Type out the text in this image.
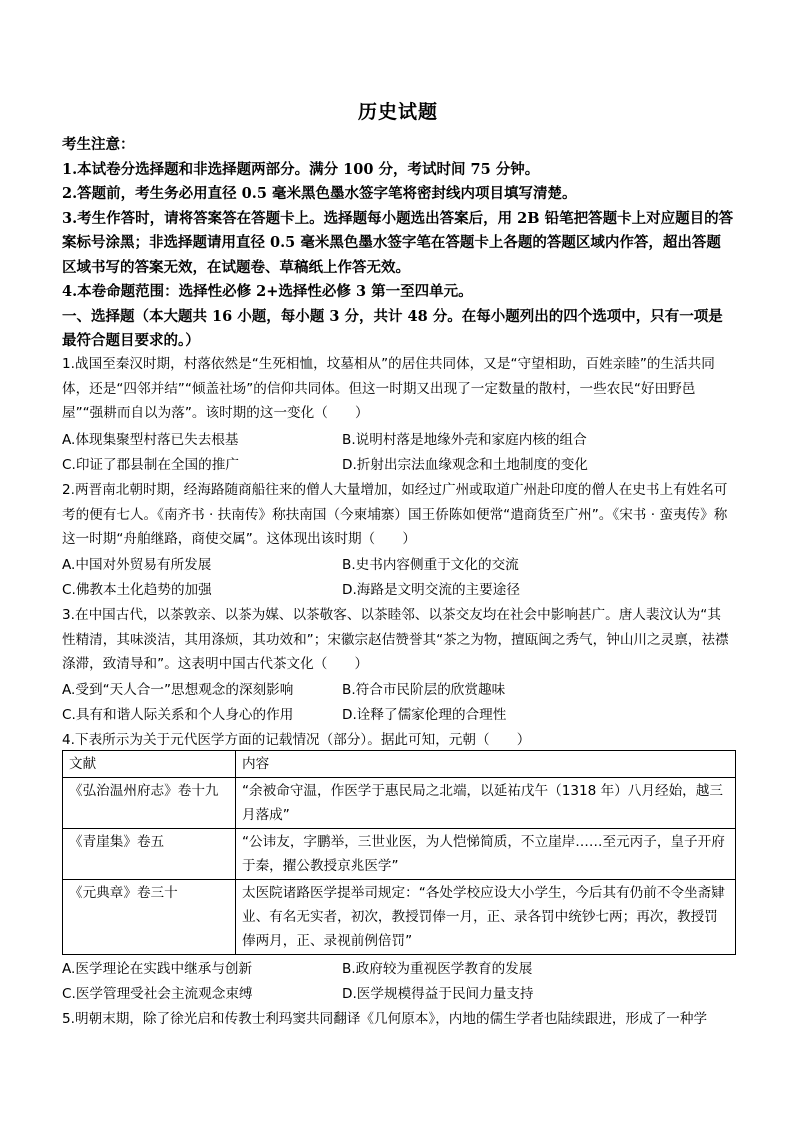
历史试题
考生注意：
1.本试卷分选择题和非选择题两部分。满分 100 分，考试时间 75 分钟。
2.答题前，考生务必用直径 0.5 毫米黑色墨水签字笔将密封线内项目填写清楚。
3.考生作答时，请将答案答在答题卡上。选择题每小题选出答案后，用 2B 铅笔把答题卡上对应题目的答案标号涂黑；非选择题请用直径 0.5 毫米黑色墨水签字笔在答题卡上各题的答题区域内作答，超出答题区域书写的答案无效，在试题卷、草稿纸上作答无效。
4.本卷命题范围：选择性必修 2+选择性必修 3 第一至四单元。
一、选择题（本大题共 16 小题，每小题 3 分，共计 48 分。在每小题列出的四个选项中，只有一项是最符合题目要求的。）
1.战国至秦汉时期，村落依然是“生死相恤，坟墓相从”的居住共同体，又是“守望相助，百姓亲睦”的生活共同体，还是“四邻并结”“倾盖社场”的信仰共同体。但这一时期又出现了一定数量的散村，一些农民“好田野邑屋”“强耕而自以为落”。该时期的这一变化（　　）
A.体现集聚型村落已失去根基	B.说明村落是地缘外壳和家庭内核的组合
C.印证了郡县制在全国的推广	D.折射出宗法血缘观念和土地制度的变化
2.两晋南北朝时期，经海路随商船往来的僧人大量增加，如经过广州或取道广州赴印度的僧人在史书上有姓名可考的便有七人。《南齐书 · 扶南传》称扶南国（今柬埔寨）国王侨陈如便常“遣商货至广州”。《宋书 · 蛮夷传》称这一时期“舟舶继路，商使交属”。这体现出该时期（　　）
A.中国对外贸易有所发展	B.史书内容侧重于文化的交流
C.佛教本土化趋势的加强	D.海路是文明交流的主要途径
3.在中国古代，以茶敦亲、以茶为媒、以茶敬客、以茶睦邻、以茶交友均在社会中影响甚广。唐人裴汶认为“其性精清，其味淡洁，其用涤烦，其功效和”；宋徽宗赵佶赞誉其“茶之为物，擅瓯闽之秀气，钟山川之灵禀，祛襟涤滞，致清导和”。这表明中国古代茶文化（　　）
A.受到“天人合一”思想观念的深刻影响	B.符合市民阶层的欣赏趣味
C.具有和谐人际关系和个人身心的作用	D.诠释了儒家伦理的合理性
4.下表所示为关于元代医学方面的记载情况（部分）。据此可知，元朝（　　）
文献	内容
《弘治温州府志》卷十九	“余被命守温，作医学于惠民局之北端，以延祐戊午（1318 年）八月经始，越三月落成”
《青崖集》卷五	“公讳友，字鹏举，三世业医，为人恺悌简质，不立崖岸……至元丙子，皇子开府于秦，擢公教授京兆医学”
《元典章》卷三十	太医院诸路医学提举司规定：“各处学校应设大小学生，今后其有仍前不令坐斋肄业、有名无实者，初次，教授罚俸一月，正、录各罚中统钞七两；再次，教授罚俸两月，正、录视前例倍罚”
A.医学理论在实践中继承与创新	B.政府较为重视医学教育的发展
C.医学管理受社会主流观念束缚	D.医学规模得益于民间力量支持
5.明朝末期，除了徐光启和传教士利玛窦共同翻译《几何原本》，内地的儒生学者也陆续跟进，形成了一种学
